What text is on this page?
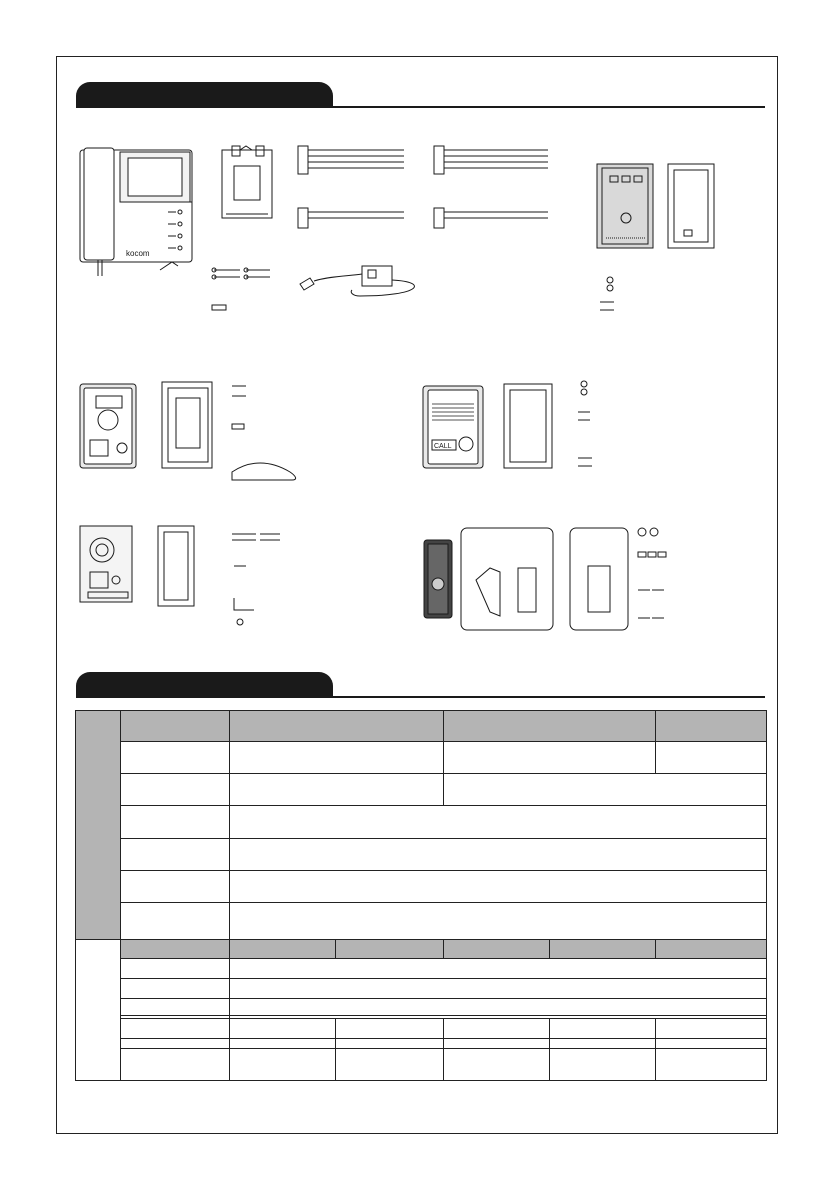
kocom
CALL
